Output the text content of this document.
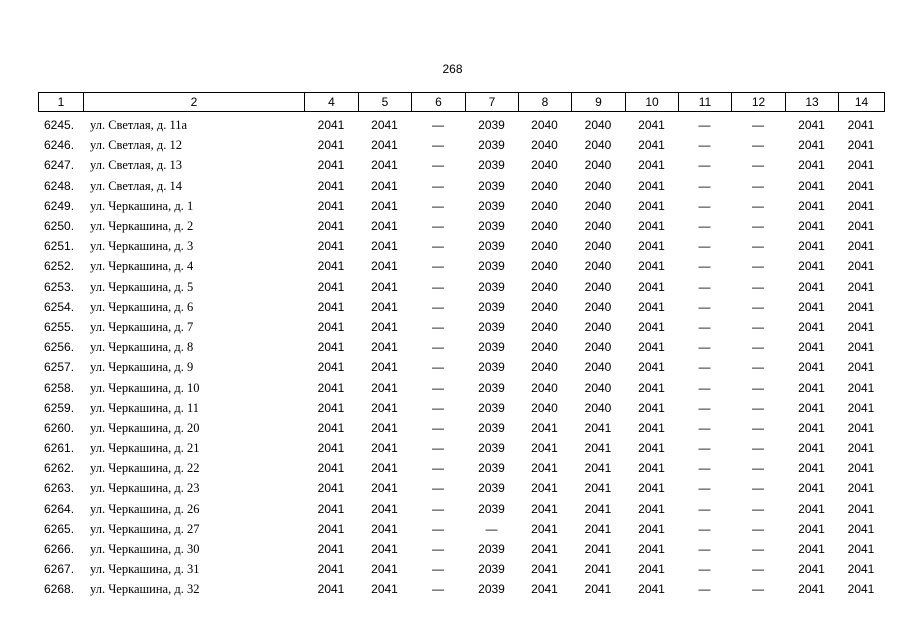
268
1	2	4	5	6	7	8	9	10	11	12	13	14
6245.	ул. Светлая, д. 11а	2041	2041	—	2039	2040	2040	2041	—	—	2041	2041
6246.	ул. Светлая, д. 12	2041	2041	—	2039	2040	2040	2041	—	—	2041	2041
6247.	ул. Светлая, д. 13	2041	2041	—	2039	2040	2040	2041	—	—	2041	2041
6248.	ул. Светлая, д. 14	2041	2041	—	2039	2040	2040	2041	—	—	2041	2041
6249.	ул. Черкашина, д. 1	2041	2041	—	2039	2040	2040	2041	—	—	2041	2041
6250.	ул. Черкашина, д. 2	2041	2041	—	2039	2040	2040	2041	—	—	2041	2041
6251.	ул. Черкашина, д. 3	2041	2041	—	2039	2040	2040	2041	—	—	2041	2041
6252.	ул. Черкашина, д. 4	2041	2041	—	2039	2040	2040	2041	—	—	2041	2041
6253.	ул. Черкашина, д. 5	2041	2041	—	2039	2040	2040	2041	—	—	2041	2041
6254.	ул. Черкашина, д. 6	2041	2041	—	2039	2040	2040	2041	—	—	2041	2041
6255.	ул. Черкашина, д. 7	2041	2041	—	2039	2040	2040	2041	—	—	2041	2041
6256.	ул. Черкашина, д. 8	2041	2041	—	2039	2040	2040	2041	—	—	2041	2041
6257.	ул. Черкашина, д. 9	2041	2041	—	2039	2040	2040	2041	—	—	2041	2041
6258.	ул. Черкашина, д. 10	2041	2041	—	2039	2040	2040	2041	—	—	2041	2041
6259.	ул. Черкашина, д. 11	2041	2041	—	2039	2040	2040	2041	—	—	2041	2041
6260.	ул. Черкашина, д. 20	2041	2041	—	2039	2041	2041	2041	—	—	2041	2041
6261.	ул. Черкашина, д. 21	2041	2041	—	2039	2041	2041	2041	—	—	2041	2041
6262.	ул. Черкашина, д. 22	2041	2041	—	2039	2041	2041	2041	—	—	2041	2041
6263.	ул. Черкашина, д. 23	2041	2041	—	2039	2041	2041	2041	—	—	2041	2041
6264.	ул. Черкашина, д. 26	2041	2041	—	2039	2041	2041	2041	—	—	2041	2041
6265.	ул. Черкашина, д. 27	2041	2041	—	—	2041	2041	2041	—	—	2041	2041
6266.	ул. Черкашина, д. 30	2041	2041	—	2039	2041	2041	2041	—	—	2041	2041
6267.	ул. Черкашина, д. 31	2041	2041	—	2039	2041	2041	2041	—	—	2041	2041
6268.	ул. Черкашина, д. 32	2041	2041	—	2039	2041	2041	2041	—	—	2041	2041
